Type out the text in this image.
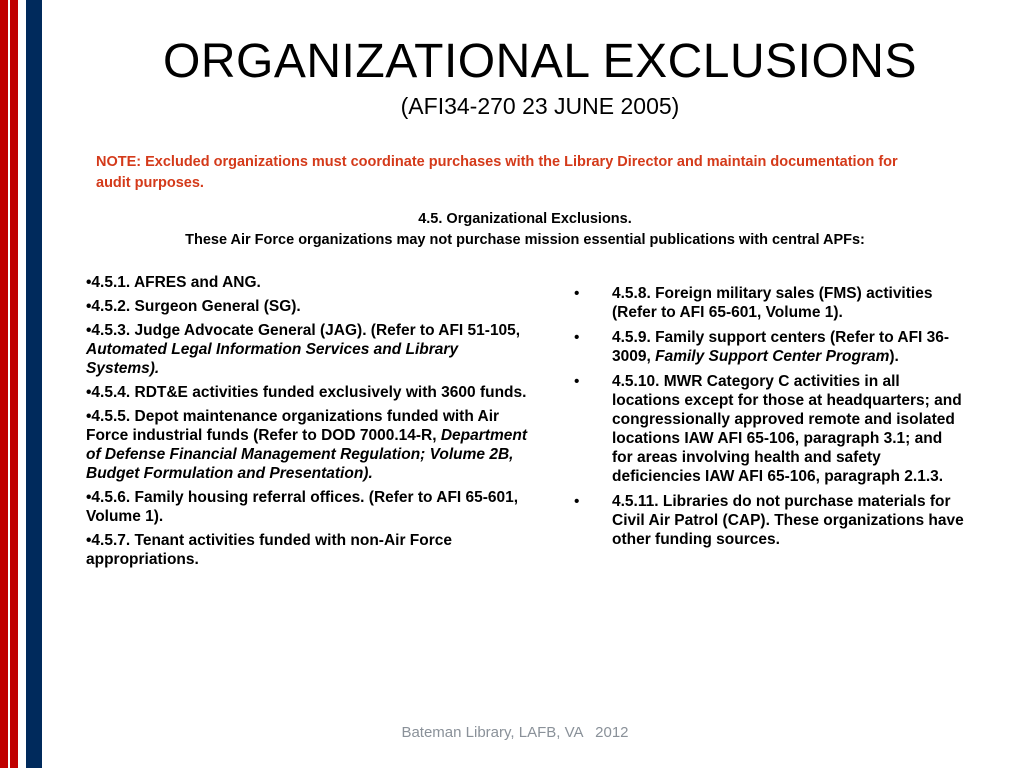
ORGANIZATIONAL EXCLUSIONS
(AFI34-270 23 JUNE 2005)
NOTE: Excluded organizations must coordinate purchases with the Library Director and maintain documentation for audit purposes.
4.5. Organizational Exclusions.
These Air Force organizations may not purchase mission essential publications with central APFs:
•4.5.1. AFRES and ANG.
•4.5.2. Surgeon General (SG).
•4.5.3. Judge Advocate General (JAG). (Refer to AFI 51-105, Automated Legal Information Services and Library Systems).
•4.5.4. RDT&E activities funded exclusively with 3600 funds.
•4.5.5. Depot maintenance organizations funded with Air Force industrial funds (Refer to DOD 7000.14-R, Department of Defense Financial Management Regulation; Volume 2B, Budget Formulation and Presentation).
•4.5.6. Family housing referral offices. (Refer to AFI 65-601, Volume 1).
•4.5.7. Tenant activities funded with non-Air Force appropriations.
• 4.5.8. Foreign military sales (FMS) activities (Refer to AFI 65-601, Volume 1).
• 4.5.9. Family support centers (Refer to AFI 36-3009, Family Support Center Program).
• 4.5.10. MWR Category C activities in all locations except for those at headquarters; and congressionally approved remote and isolated locations IAW AFI 65-106, paragraph 3.1; and for areas involving health and safety deficiencies IAW AFI 65-106, paragraph 2.1.3.
• 4.5.11. Libraries do not purchase materials for Civil Air Patrol (CAP). These organizations have other funding sources.
Bateman Library, LAFB, VA   2012
